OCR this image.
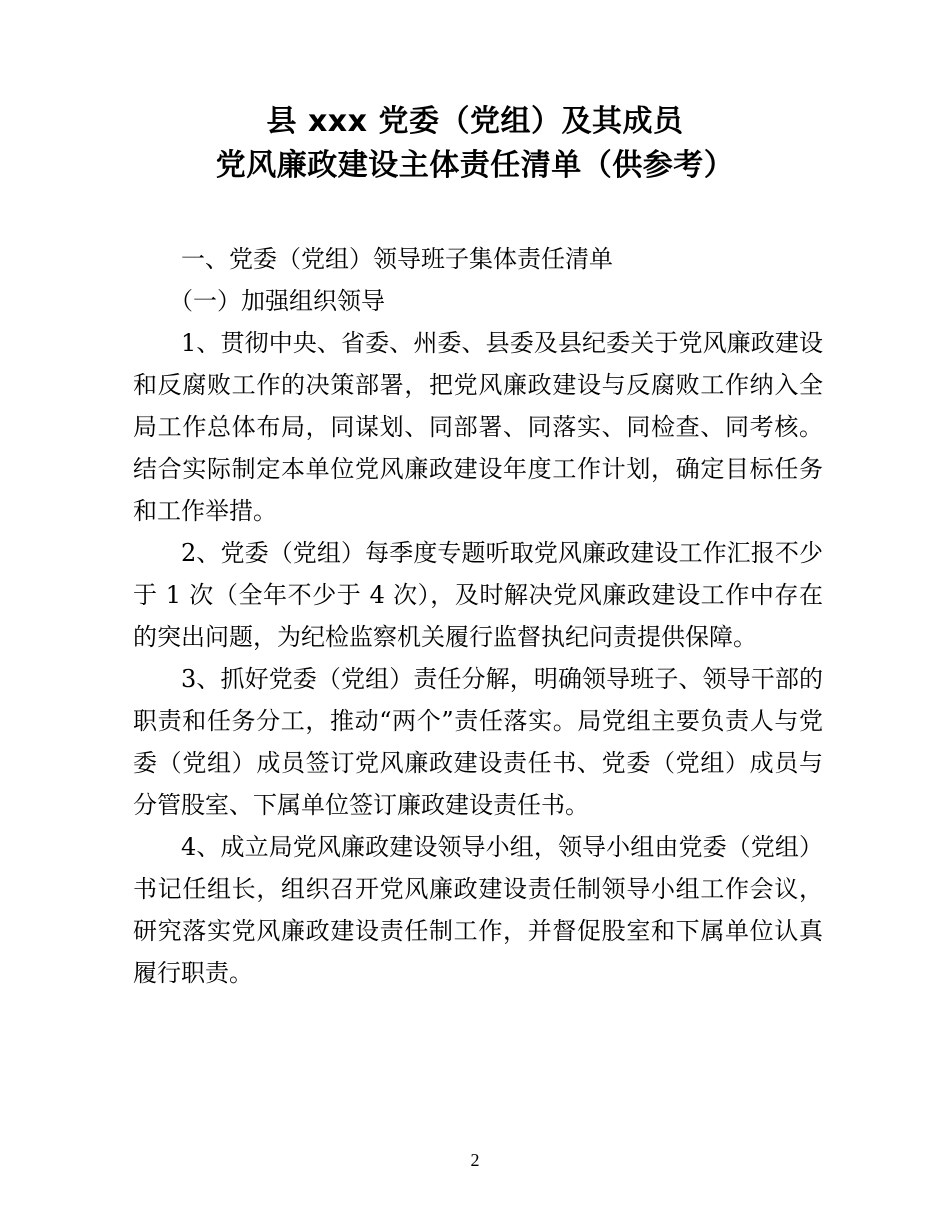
县 xxx 党委（党组）及其成员
党风廉政建设主体责任清单（供参考）

一、党委（党组）领导班子集体责任清单

（一）加强组织领导

1、贯彻中央、省委、州委、县委及县纪委关于党风廉政建设和反腐败工作的决策部署，把党风廉政建设与反腐败工作纳入全局工作总体布局，同谋划、同部署、同落实、同检查、同考核。结合实际制定本单位党风廉政建设年度工作计划，确定目标任务和工作举措。

2、党委（党组）每季度专题听取党风廉政建设工作汇报不少于 1 次（全年不少于 4 次），及时解决党风廉政建设工作中存在的突出问题，为纪检监察机关履行监督执纪问责提供保障。

3、抓好党委（党组）责任分解，明确领导班子、领导干部的职责和任务分工，推动“两个”责任落实。局党组主要负责人与党委（党组）成员签订党风廉政建设责任书、党委（党组）成员与分管股室、下属单位签订廉政建设责任书。

4、成立局党风廉政建设领导小组，领导小组由党委（党组）书记任组长，组织召开党风廉政建设责任制领导小组工作会议，研究落实党风廉政建设责任制工作，并督促股室和下属单位认真履行职责。

2
